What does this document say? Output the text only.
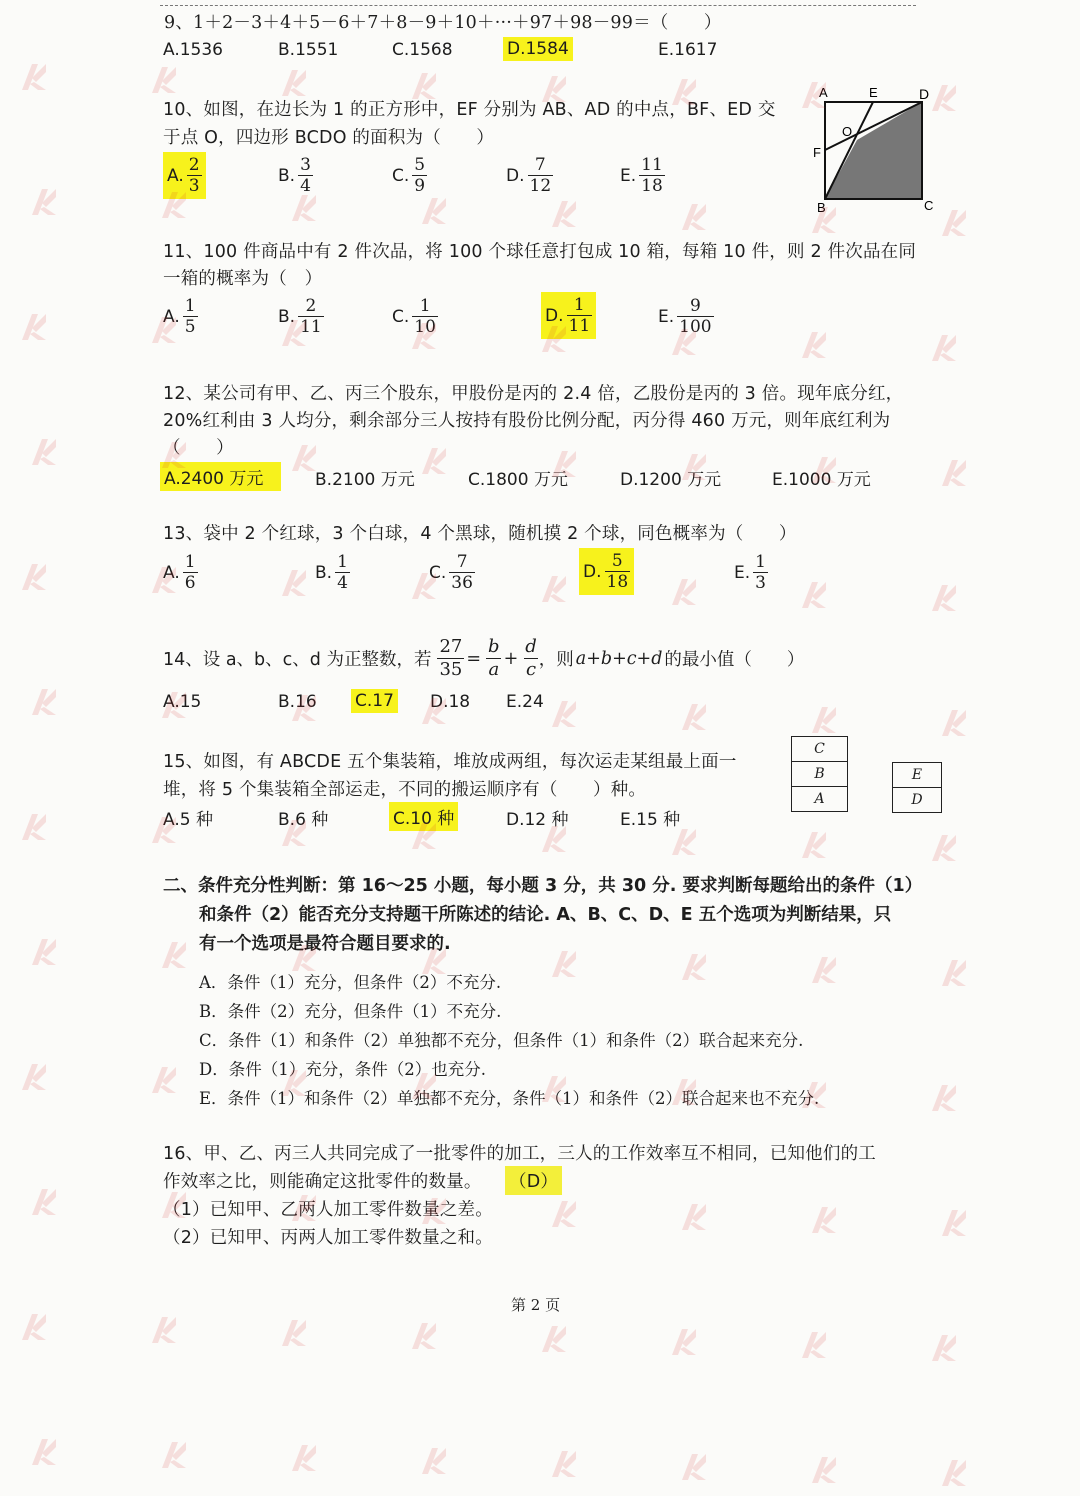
9、1＋2－3＋4＋5－6＋7＋8－9＋10＋···＋97＋98－99＝（　　）
A.1536	B.1551	C.1568	D.1584	E.1617
10、如图，在边长为 1 的正方形中，EF 分别为 AB、AD 的中点，BF、ED 交
于点 O，四边形 BCDO 的面积为（　　）
A. $\frac{2}{3}$	B. $\frac{3}{4}$	C. $\frac{5}{9}$	D. $\frac{7}{12}$	E. $\frac{11}{18}$
A	E	D
F
O
B	C
11、100 件商品中有 2 件次品，将 100 个球任意打包成 10 箱，每箱 10 件，则 2 件次品在同
一箱的概率为（　）
A. $\frac{1}{5}$	B. $\frac{2}{11}$	C. $\frac{1}{10}$	D. $\frac{1}{11}$	E. $\frac{9}{100}$
12、某公司有甲、乙、丙三个股东，甲股份是丙的 2.4 倍，乙股份是丙的 3 倍。现年底分红，
20%红利由 3 人均分，剩余部分三人按持有股份比例分配，丙分得 460 万元，则年底红利为
（　　）
A.2400 万元	B.2100 万元	C.1800 万元	D.1200 万元	E.1000 万元
13、袋中 2 个红球，3 个白球，4 个黑球，随机摸 2 个球，同色概率为（　　）
A. $\frac{1}{6}$	B. $\frac{1}{4}$	C. $\frac{7}{36}$	D. $\frac{5}{18}$	E. $\frac{1}{3}$
14、设 a、b、c、d 为正整数，若 $\frac{27}{35} = \frac{b}{a} + \frac{d}{c}$ ，则 a+b+c+d 的最小值（　　）
A.15	B.16 C.17 D.18 E.24
15、如图，有 ABCDE 五个集装箱，堆放成两组，每次运走某组最上面一
堆，将 5 个集装箱全部运走，不同的搬运顺序有（　　）种。
A.5 种	B.6 种	C.10 种	D.12 种	E.15 种
C
B
A
E
D
二、条件充分性判断：第 16～25 小题，每小题 3 分，共 30 分. 要求判断每题给出的条件（1）
和条件（2）能否充分支持题干所陈述的结论. A、B、C、D、E 五个选项为判断结果，只
有一个选项是最符合题目要求的.
A．条件（1）充分，但条件（2）不充分.
B．条件（2）充分，但条件（1）不充分.
C．条件（1）和条件（2）单独都不充分，但条件（1）和条件（2）联合起来充分.
D．条件（1）充分，条件（2）也充分.
E．条件（1）和条件（2）单独都不充分，条件（1）和条件（2）联合起来也不充分.
16、甲、乙、丙三人共同完成了一批零件的加工，三人的工作效率互不相同，已知他们的工
作效率之比，则能确定这批零件的数量。 （D）
（1）已知甲、乙两人加工零件数量之差。
（2）已知甲、丙两人加工零件数量之和。
第 2 页
